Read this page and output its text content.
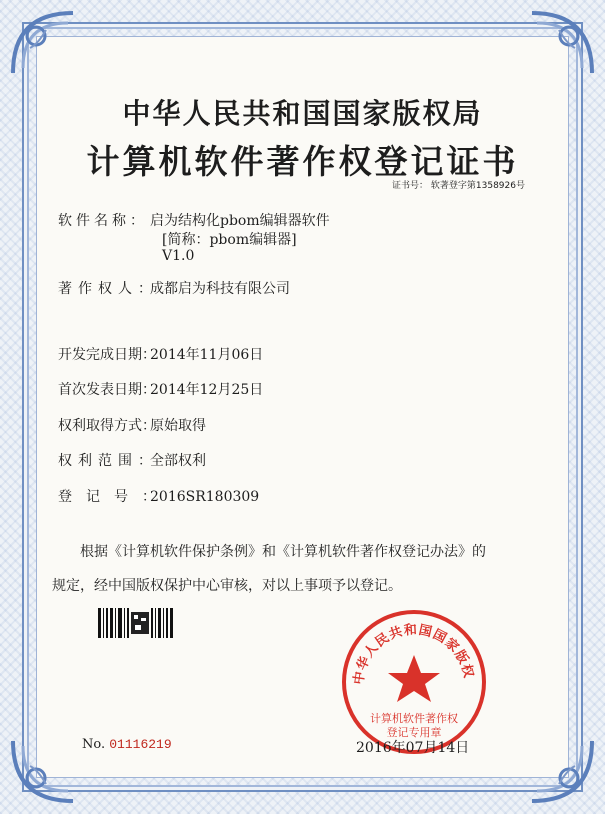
中华人民共和国国家版权局
计算机软件著作权登记证书
证书号： 软著登字第1358926号
软件名称： 启为结构化pbom编辑器软件
[简称：pbom编辑器]
V1.0
著作权人：成都启为科技有限公司
开发完成日期：2014年11月06日
首次发表日期：2014年12月25日
权利取得方式：原始取得
权利范围：全部权利
登记号：2016SR180309
根据《计算机软件保护条例》和《计算机软件著作权登记办法》的
规定，经中国版权保护中心审核，对以上事项予以登记。
No. 01116219
中华人民共和国国家版权
计算机软件著作权
登记专用章
2016年07月14日
